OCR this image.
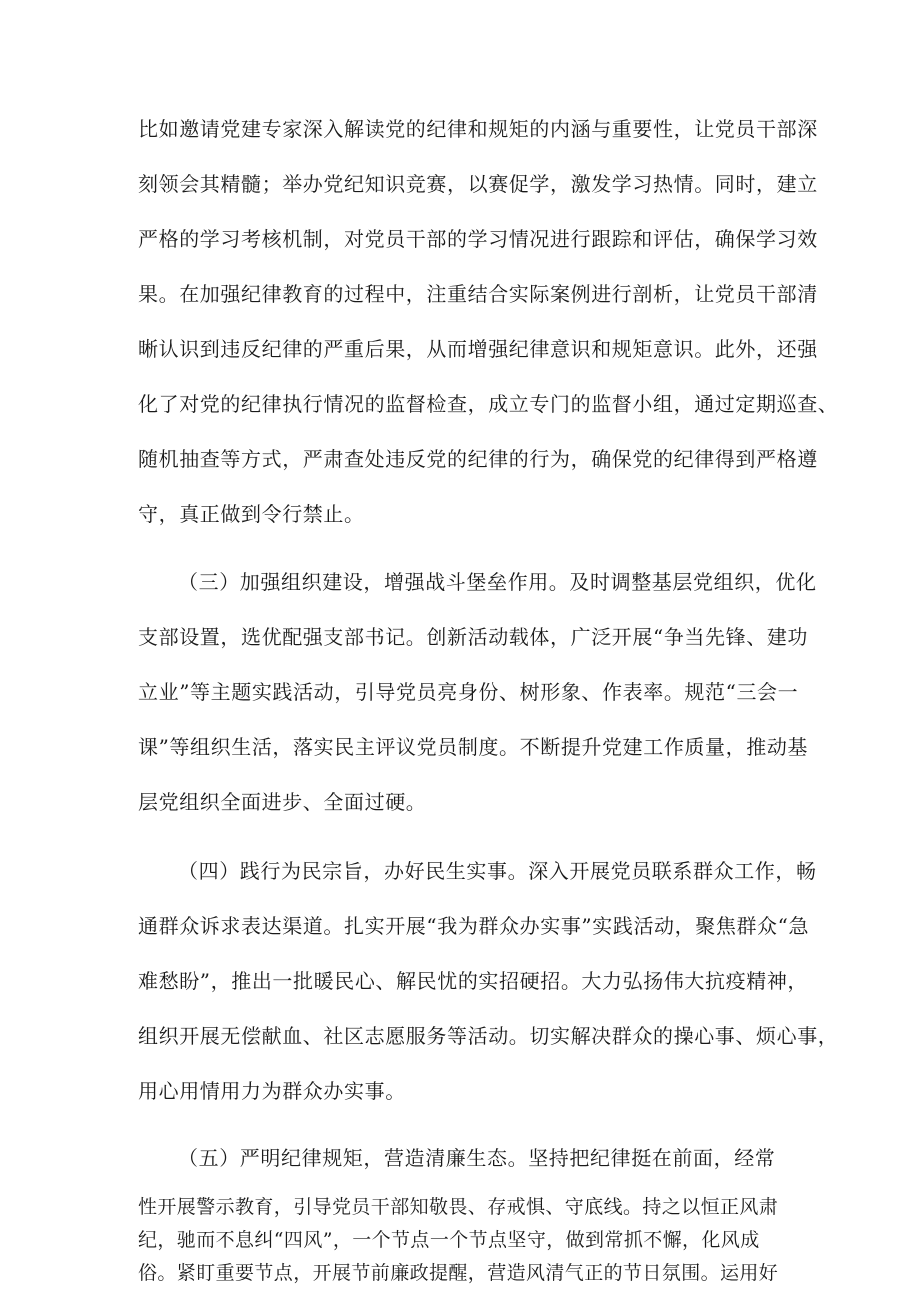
比如邀请党建专家深入解读党的纪律和规矩的内涵与重要性，让党员干部深
刻领会其精髓；举办党纪知识竞赛，以赛促学，激发学习热情。同时，建立
严格的学习考核机制，对党员干部的学习情况进行跟踪和评估，确保学习效
果。在加强纪律教育的过程中，注重结合实际案例进行剖析，让党员干部清
晰认识到违反纪律的严重后果，从而增强纪律意识和规矩意识。此外，还强
化了对党的纪律执行情况的监督检查，成立专门的监督小组，通过定期巡查、
随机抽查等方式，严肃查处违反党的纪律的行为，确保党的纪律得到严格遵
守，真正做到令行禁止。
（三）加强组织建设，增强战斗堡垒作用。及时调整基层党组织，优化
支部设置，选优配强支部书记。创新活动载体，广泛开展“争当先锋、建功
立业”等主题实践活动，引导党员亮身份、树形象、作表率。规范“三会一
课”等组织生活，落实民主评议党员制度。不断提升党建工作质量，推动基
层党组织全面进步、全面过硬。
（四）践行为民宗旨，办好民生实事。深入开展党员联系群众工作，畅
通群众诉求表达渠道。扎实开展“我为群众办实事”实践活动，聚焦群众“急
难愁盼”，推出一批暖民心、解民忧的实招硬招。大力弘扬伟大抗疫精神，
组织开展无偿献血、社区志愿服务等活动。切实解决群众的操心事、烦心事，
用心用情用力为群众办实事。
（五）严明纪律规矩，营造清廉生态。坚持把纪律挺在前面，经常
性开展警示教育，引导党员干部知敬畏、存戒惧、守底线。持之以恒正风肃
纪，驰而不息纠“四风”，一个节点一个节点坚守，做到常抓不懈，化风成
俗。紧盯重要节点，开展节前廉政提醒，营造风清气正的节日氛围。运用好
